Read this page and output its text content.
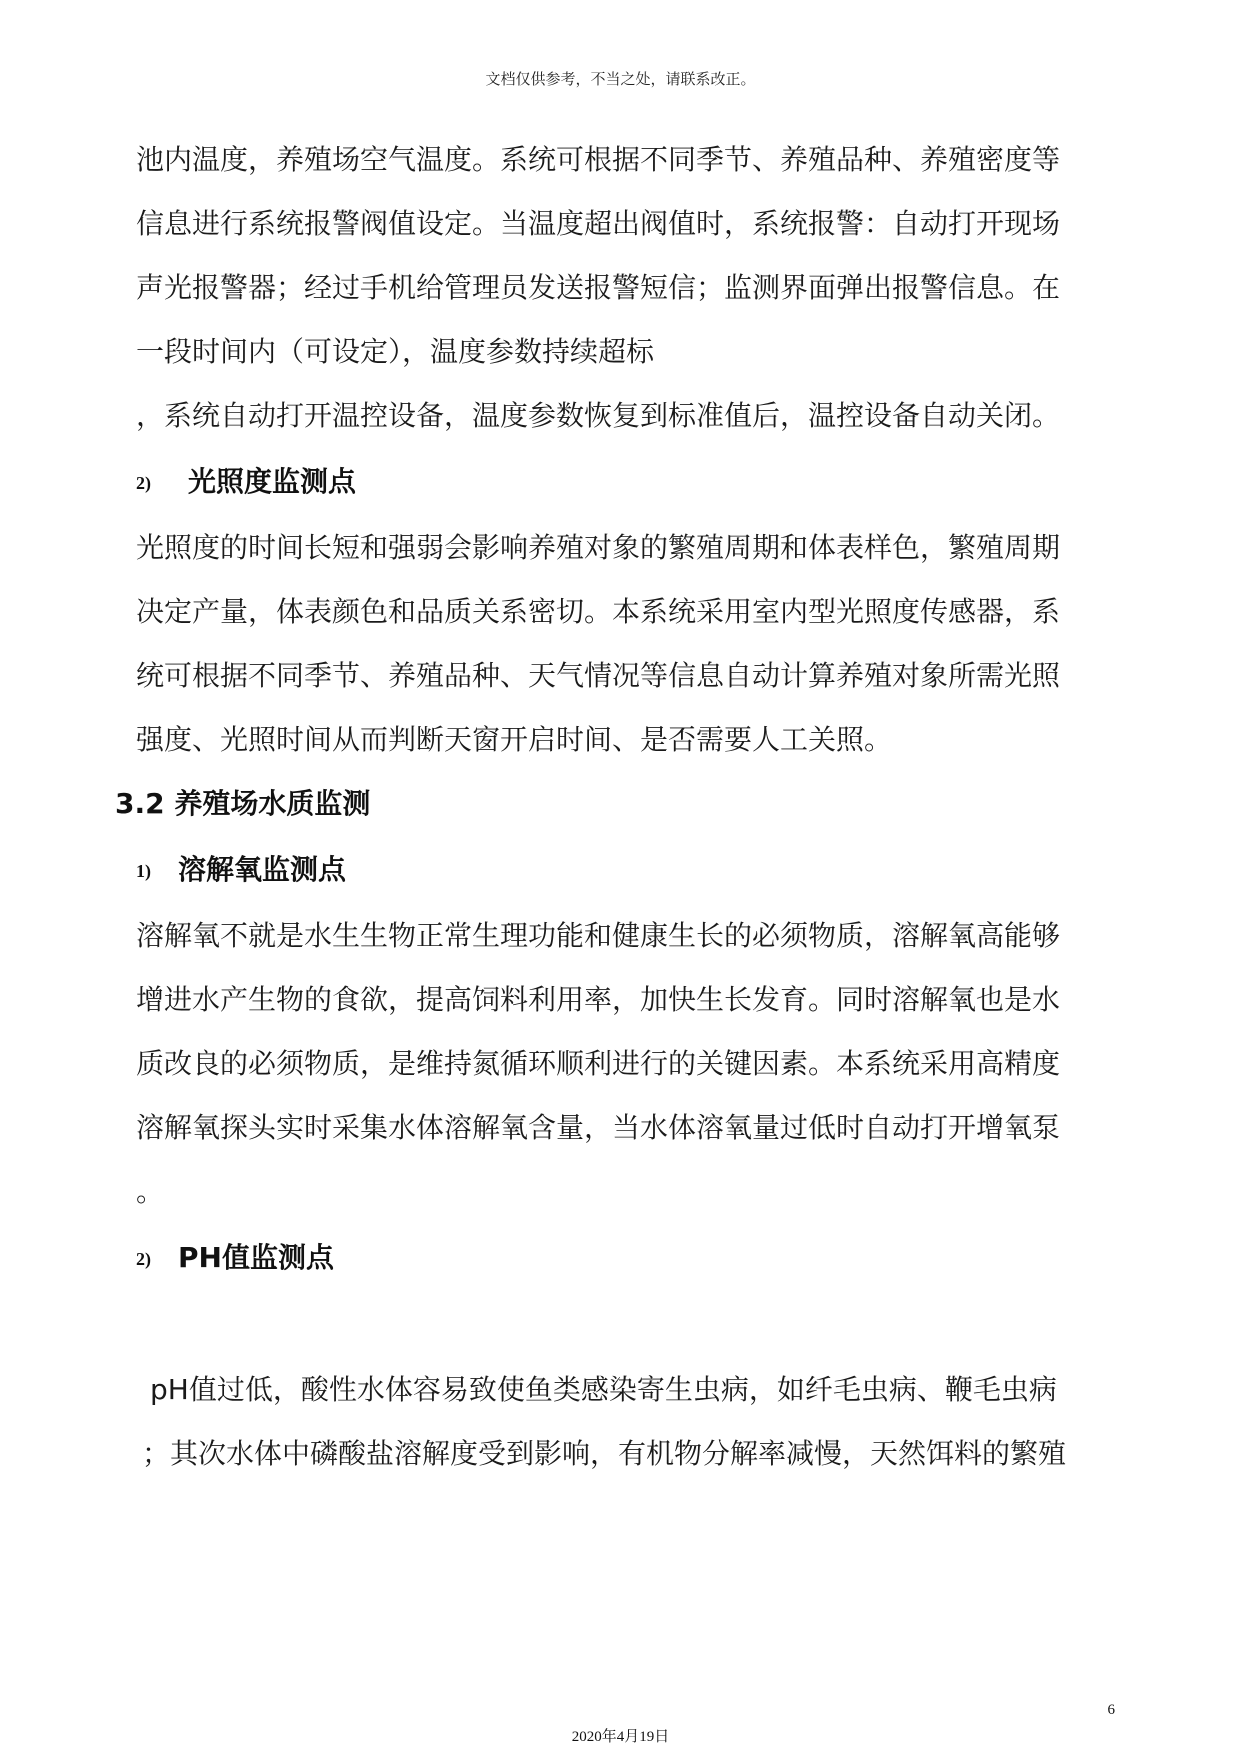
文档仅供参考，不当之处，请联系改正。
池内温度，养殖场空气温度。系统可根据不同季节、养殖品种、养殖密度等
信息进行系统报警阀值设定。当温度超出阀值时，系统报警：自动打开现场
声光报警器；经过手机给管理员发送报警短信；监测界面弹出报警信息。在
一段时间内（可设定），温度参数持续超标
，系统自动打开温控设备，温度参数恢复到标准值后，温控设备自动关闭。
2) 光照度监测点
光照度的时间长短和强弱会影响养殖对象的繁殖周期和体表样色，繁殖周期
决定产量，体表颜色和品质关系密切。本系统采用室内型光照度传感器，系
统可根据不同季节、养殖品种、天气情况等信息自动计算养殖对象所需光照
强度、光照时间从而判断天窗开启时间、是否需要人工关照。
3.2 养殖场水质监测
1) 溶解氧监测点
溶解氧不就是水生生物正常生理功能和健康生长的必须物质，溶解氧高能够
增进水产生物的食欲，提高饲料利用率，加快生长发育。同时溶解氧也是水
质改良的必须物质，是维持氮循环顺利进行的关键因素。本系统采用高精度
溶解氧探头实时采集水体溶解氧含量，当水体溶氧量过低时自动打开增氧泵
。
2) PH值监测点
pH值过低，酸性水体容易致使鱼类感染寄生虫病，如纤毛虫病、鞭毛虫病
；其次水体中磷酸盐溶解度受到影响，有机物分解率减慢，天然饵料的繁殖
6
2020年4月19日
